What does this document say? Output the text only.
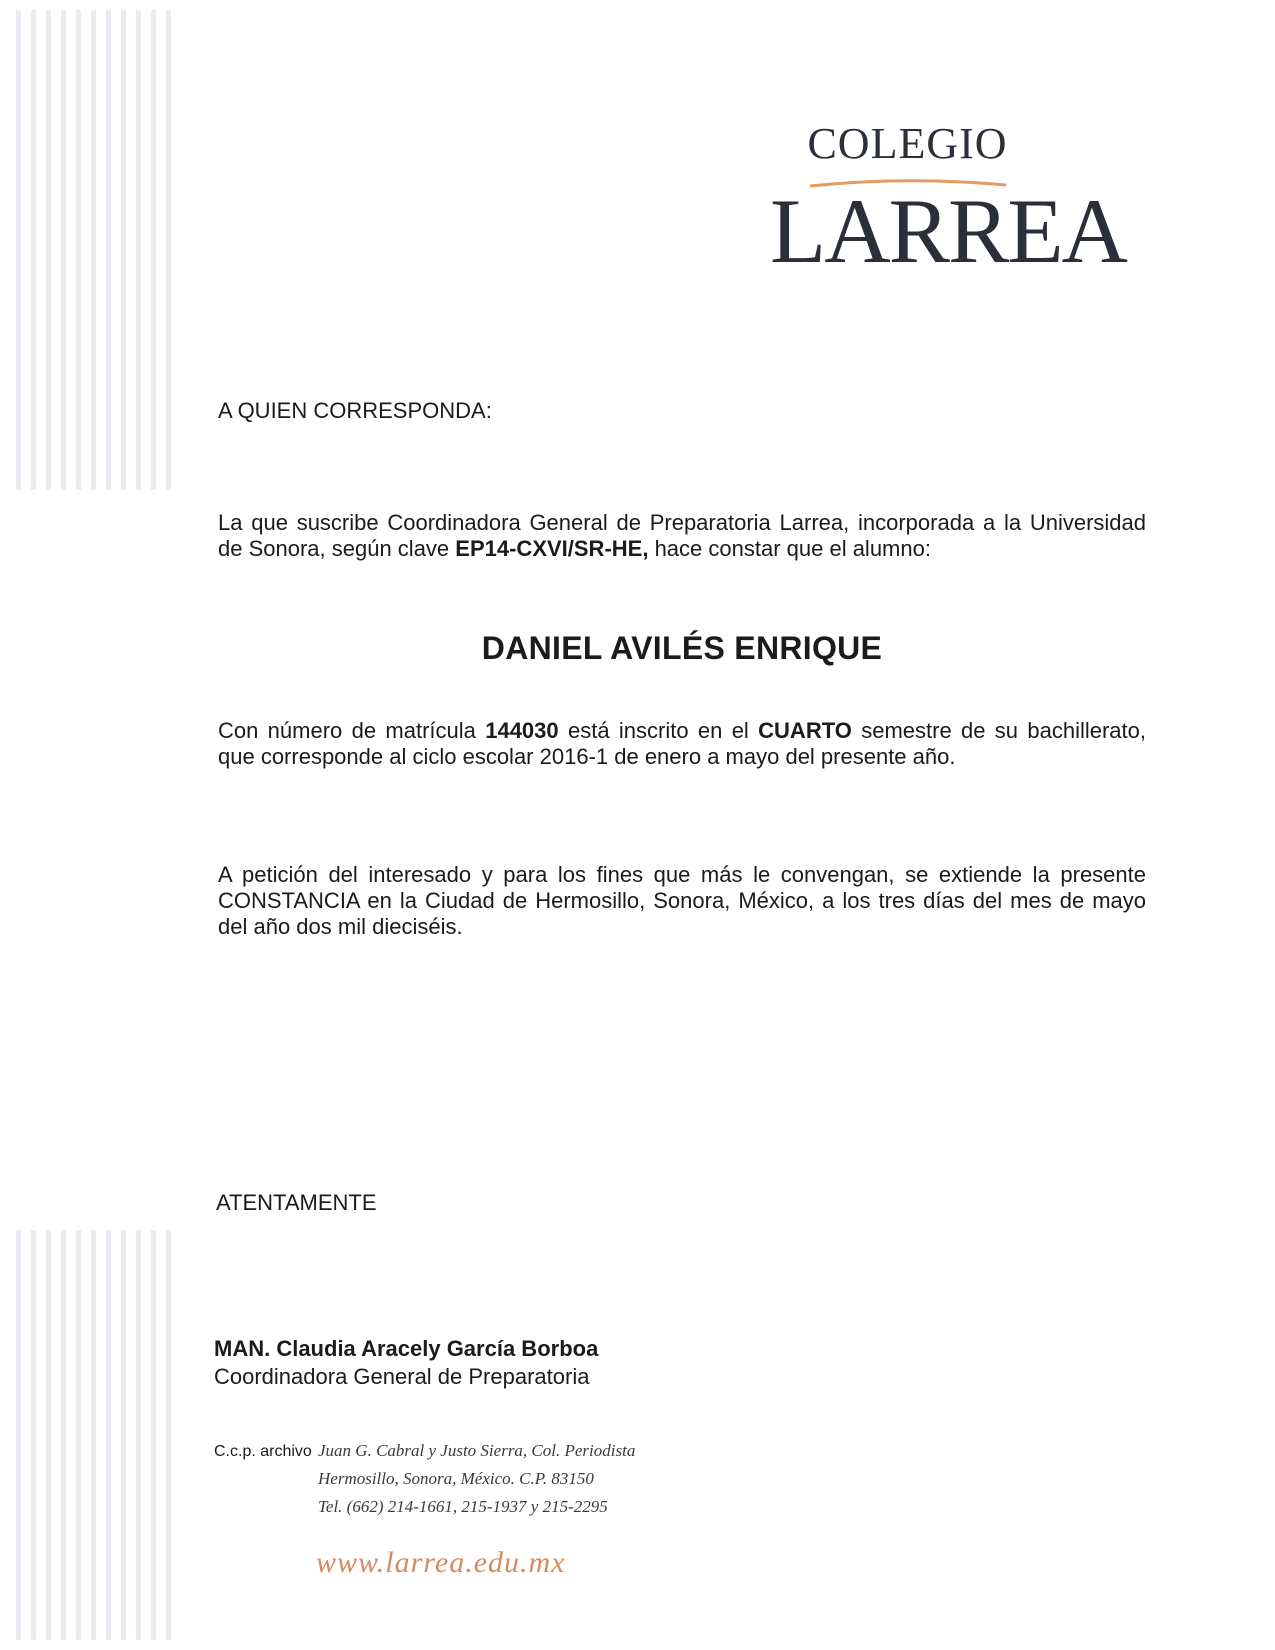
COLEGIO
LARREA
A QUIEN CORRESPONDA:
La que suscribe Coordinadora General de Preparatoria Larrea, incorporada a la Universidad de Sonora, según clave EP14-CXVI/SR-HE, hace constar que el alumno:
DANIEL AVILÉS ENRIQUE
Con número de matrícula 144030 está inscrito en el CUARTO semestre de su bachillerato, que corresponde al ciclo escolar 2016-1 de enero a mayo del presente año.
A petición del interesado y para los fines que más le convengan, se extiende la presente CONSTANCIA en la Ciudad de Hermosillo, Sonora, México, a los tres días del mes de mayo del año dos mil dieciséis.
ATENTAMENTE
MAN. Claudia Aracely García Borboa
Coordinadora General de Preparatoria
C.c.p. archivo Juan G. Cabral y Justo Sierra, Col. Periodista
Hermosillo, Sonora, México. C.P. 83150
Tel. (662) 214-1661, 215-1937 y 215-2295
www.larrea.edu.mx
